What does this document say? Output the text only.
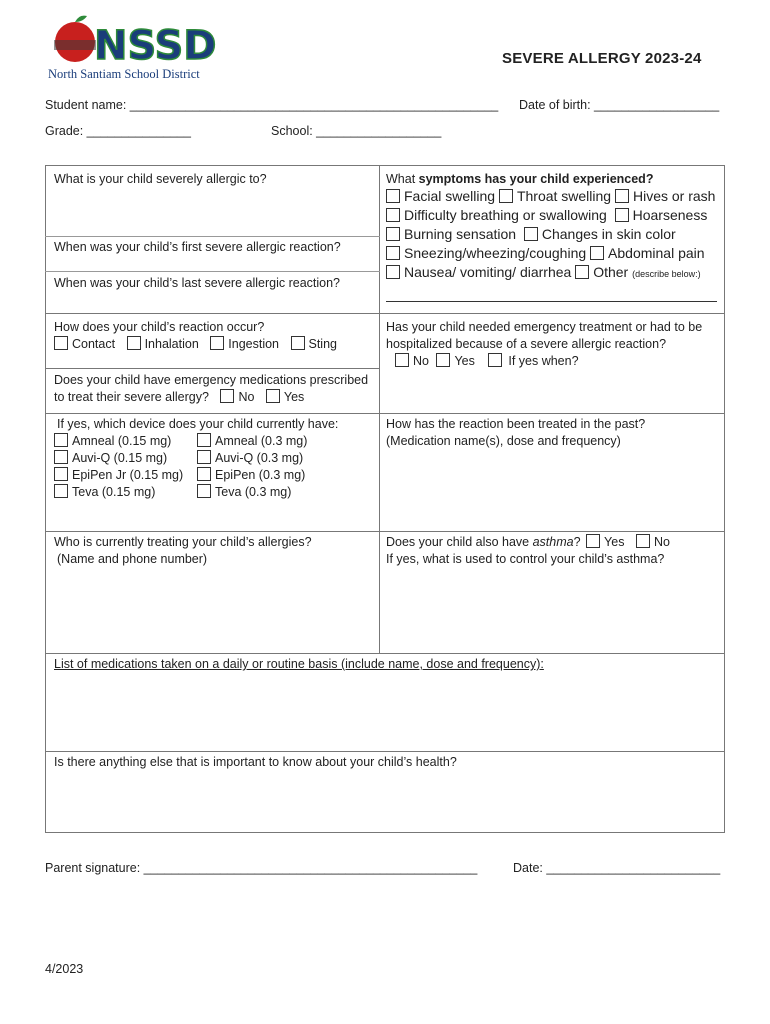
NSSD
North Santiam School District
SEVERE ALLERGY 2023-24
Student name: _____________________________________________________ Date of birth: __________________
Grade: _______________	School: __________________
What is your child severely allergic to?
When was your child’s first severe allergic reaction?
When was your child’s last severe allergic reaction?
How does your child’s reaction occur?
Contact Inhalation Ingestion Sting
Does your child have emergency medications prescribed
to treat their severe allergy? No Yes
If yes, which device does your child currently have:
Amneal (0.15 mg)
Auvi-Q (0.15 mg)
EpiPen Jr (0.15 mg)
Teva (0.15 mg)
Amneal (0.3 mg)
Auvi-Q (0.3 mg)
EpiPen (0.3 mg)
Teva (0.3 mg)
Who is currently treating your child’s allergies?
(Name and phone number)
What symptoms has your child experienced?
Facial swelling Throat swelling Hives or rash
Difficulty breathing or swallowing Hoarseness
Burning sensation Changes in skin color
Sneezing/wheezing/coughing Abdominal pain
Nausea/ vomiting/ diarrhea Other (describe below:)
Has your child needed emergency treatment or had to be
hospitalized because of a severe allergic reaction?
No Yes	If yes when?
How has the reaction been treated in the past?
(Medication name(s), dose and frequency)
Does your child also have asthma? Yes No
If yes, what is used to control your child’s asthma?
List of medications taken on a daily or routine basis (include name, dose and frequency):
Is there anything else that is important to know about your child’s health?
Parent signature: ________________________________________________	Date: _________________________
4/2023
